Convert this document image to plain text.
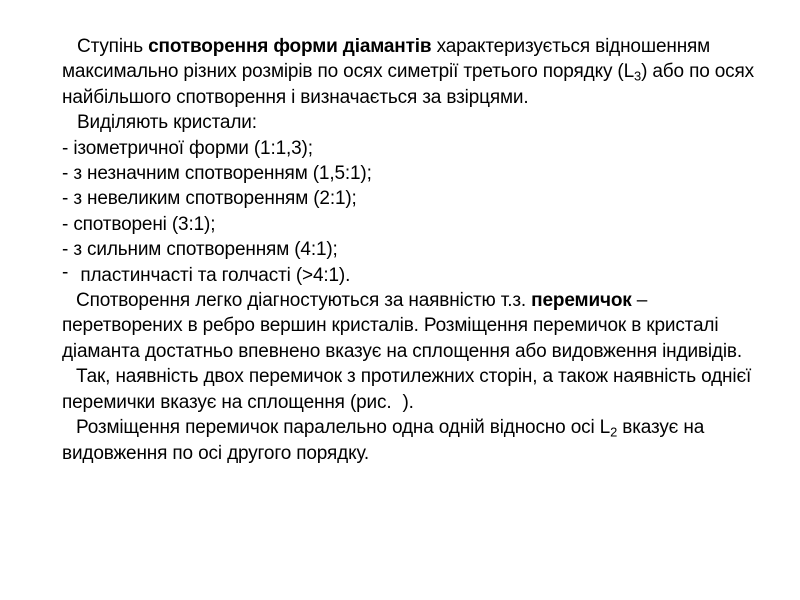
Ступінь спотворення форми діамантів характеризується відношенням максимально різних розмірів по осях симетрії третього порядку $(L_3)$ або по осях найбільшого спотворення і визначається за взірцями.

Виділяють кристали:

- ізометричної форми (1:1,3);
- з незначним спотворенням (1,5:1);
- з невеликим спотворенням (2:1);
- спотворені (3:1);
- з сильним спотворенням (4:1);
- пластинчасті та голчасті (>4:1).

Спотворення легко діагностуються за наявністю т.з. перемичок – перетворених в ребро вершин кристалів. Розміщення перемичок в кристалі діаманта достатньо впевнено вказує на сплощення або видовження індивідів.

Так, наявність двох перемичок з протилежних сторін, а також наявність однієї перемички вказує на сплощення (рис. ).

Розміщення перемичок паралельно одна одній відносно осі $L_2$ вказує на видовження по осі другого порядку.
